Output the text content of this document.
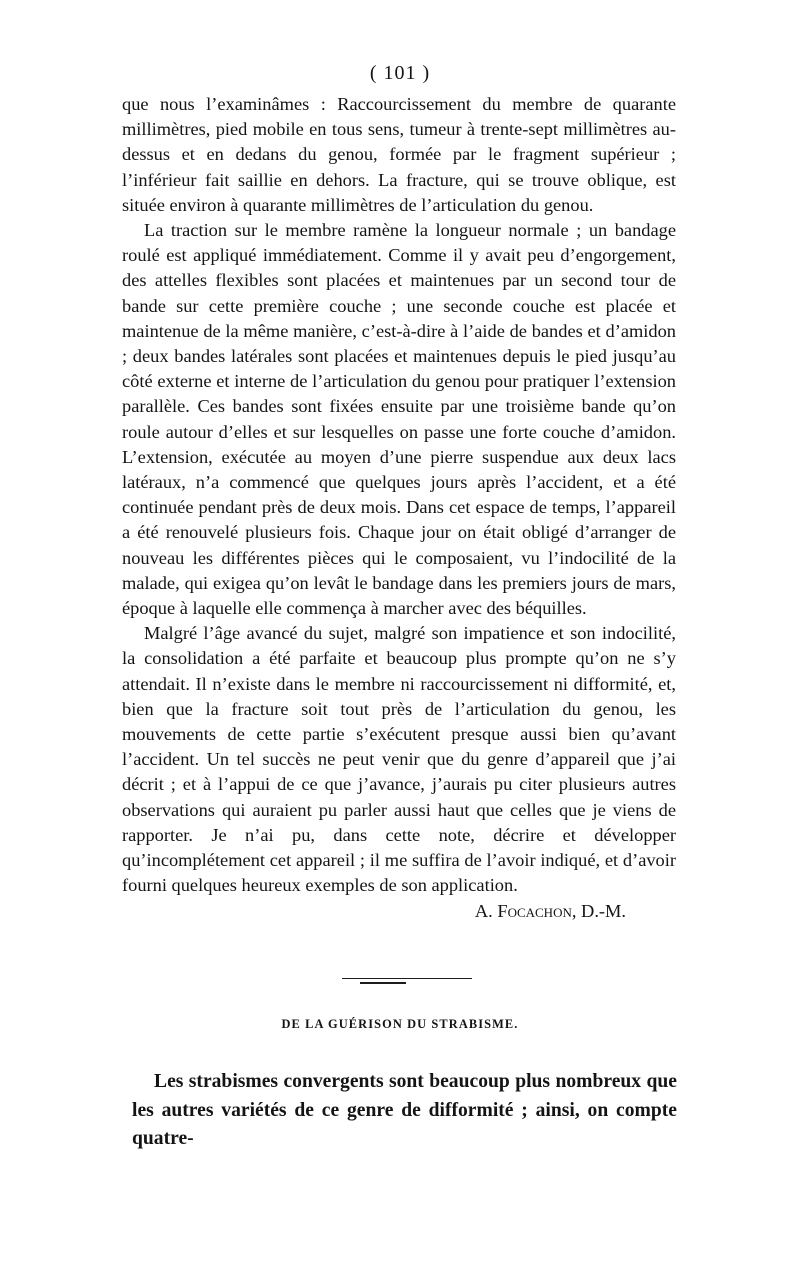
( 101 )

que nous l’examinâmes : Raccourcissement du membre de quarante millimètres, pied mobile en tous sens, tumeur à trente-sept millimètres au-dessus et en dedans du genou, formée par le fragment supérieur ; l’inférieur fait saillie en dehors. La fracture, qui se trouve oblique, est située environ à quarante millimètres de l’articulation du genou.

La traction sur le membre ramène la longueur normale ; un bandage roulé est appliqué immédiatement. Comme il y avait peu d’engorgement, des attelles flexibles sont placées et maintenues par un second tour de bande sur cette première couche ; une seconde couche est placée et maintenue de la même manière, c’est-à-dire à l’aide de bandes et d’amidon ; deux bandes latérales sont placées et maintenues depuis le pied jusqu’au côté externe et interne de l’articulation du genou pour pratiquer l’extension parallèle. Ces bandes sont fixées ensuite par une troisième bande qu’on roule autour d’elles et sur lesquelles on passe une forte couche d’amidon. L’extension, exécutée au moyen d’une pierre suspendue aux deux lacs latéraux, n’a commencé que quelques jours après l’accident, et a été continuée pendant près de deux mois. Dans cet espace de temps, l’appareil a été renouvelé plusieurs fois. Chaque jour on était obligé d’arranger de nouveau les différentes pièces qui le composaient, vu l’indocilité de la malade, qui exigea qu’on levât le bandage dans les premiers jours de mars, époque à laquelle elle commença à marcher avec des béquilles.

Malgré l’âge avancé du sujet, malgré son impatience et son indocilité, la consolidation a été parfaite et beaucoup plus prompte qu’on ne s’y attendait. Il n’existe dans le membre ni raccourcissement ni difformité, et, bien que la fracture soit tout près de l’articulation du genou, les mouvements de cette partie s’exécutent presque aussi bien qu’avant l’accident. Un tel succès ne peut venir que du genre d’appareil que j’ai décrit ; et à l’appui de ce que j’avance, j’aurais pu citer plusieurs autres observations qui auraient pu parler aussi haut que celles que je viens de rapporter. Je n’ai pu, dans cette note, décrire et développer qu’incomplétement cet appareil ; il me suffira de l’avoir indiqué, et d’avoir fourni quelques heureux exemples de son application.

A. Focachon, D.-M.

DE LA GUÉRISON DU STRABISME.

Les strabismes convergents sont beaucoup plus nombreux que les autres variétés de ce genre de difformité ; ainsi, on compte quatre-
